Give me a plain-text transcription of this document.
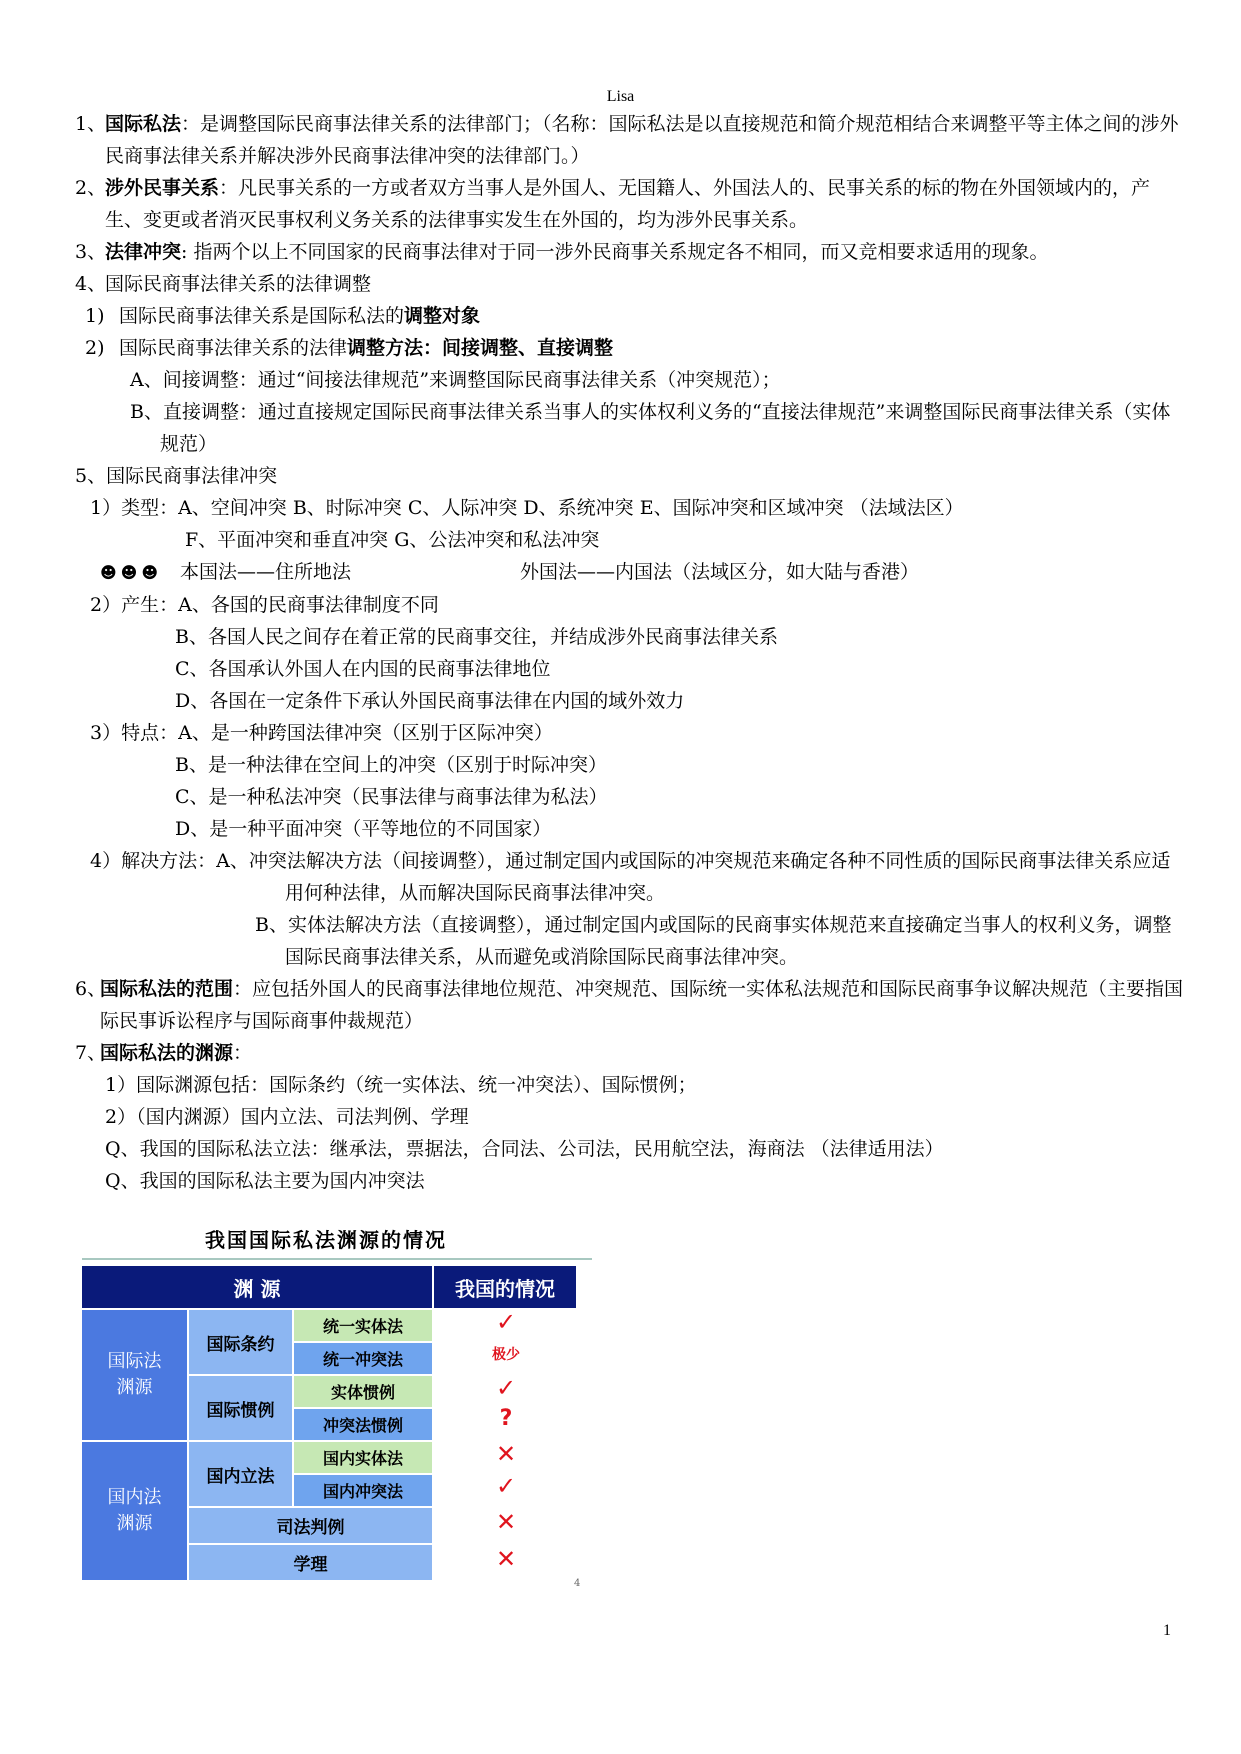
Lisa
1、国际私法：是调整国际民商事法律关系的法律部门；（名称：国际私法是以直接规范和简介规范相结合来调整平等主体之间的涉外民商事法律关系并解决涉外民商事法律冲突的法律部门。）
2、涉外民事关系：凡民事关系的一方或者双方当事人是外国人、无国籍人、外国法人的、民事关系的标的物在外国领域内的，产生、变更或者消灭民事权利义务关系的法律事实发生在外国的，均为涉外民事关系。
3、法律冲突: 指两个以上不同国家的民商事法律对于同一涉外民商事关系规定各不相同，而又竞相要求适用的现象。
4、国际民商事法律关系的法律调整
1) 国际民商事法律关系是国际私法的调整对象
2) 国际民商事法律关系的法律调整方法：间接调整、直接调整
A、间接调整：通过“间接法律规范”来调整国际民商事法律关系（冲突规范）；
B、直接调整：通过直接规定国际民商事法律关系当事人的实体权利义务的“直接法律规范”来调整国际民商事法律关系（实体规范）
5、国际民商事法律冲突
1）类型：A、空间冲突 B、时际冲突 C、人际冲突 D、系统冲突 E、国际冲突和区域冲突 （法域法区）
F、平面冲突和垂直冲突 G、公法冲突和私法冲突
☻☻☻ 本国法——住所地法	外国法——内国法（法域区分，如大陆与香港）
2）产生：A、各国的民商事法律制度不同
B、各国人民之间存在着正常的民商事交往，并结成涉外民商事法律关系
C、各国承认外国人在内国的民商事法律地位
D、各国在一定条件下承认外国民商事法律在内国的域外效力
3）特点：A、是一种跨国法律冲突（区别于区际冲突）
B、是一种法律在空间上的冲突（区别于时际冲突）
C、是一种私法冲突（民事法律与商事法律为私法）
D、是一种平面冲突（平等地位的不同国家）
4）解决方法：A、冲突法解决方法（间接调整），通过制定国内或国际的冲突规范来确定各种不同性质的国际民商事法律关系应适用何种法律，从而解决国际民商事法律冲突。
B、实体法解决方法（直接调整），通过制定国内或国际的民商事实体规范来直接确定当事人的权利义务，调整国际民商事法律关系，从而避免或消除国际民商事法律冲突。
6、国际私法的范围：应包括外国人的民商事法律地位规范、冲突规范、国际统一实体私法规范和国际民商事争议解决规范（主要指国际民事诉讼程序与国际商事仲裁规范）
7、国际私法的渊源：
1）国际渊源包括：国际条约（统一实体法、统一冲突法）、国际惯例；
2）（国内渊源）国内立法、司法判例、学理
Q、我国的国际私法立法：继承法，票据法，合同法、公司法，民用航空法，海商法 （法律适用法）
Q、我国的国际私法主要为国内冲突法
我国国际私法渊源的情况
渊 源	我国的情况
国际法
渊源
国际条约
统一实体法
统一冲突法
国际惯例
实体惯例
冲突法惯例
国内法
渊源
国内立法
国内实体法
国内冲突法
司法判例
学理
✓
极少
✓
?
✕
✓
✕
✕
4
1
